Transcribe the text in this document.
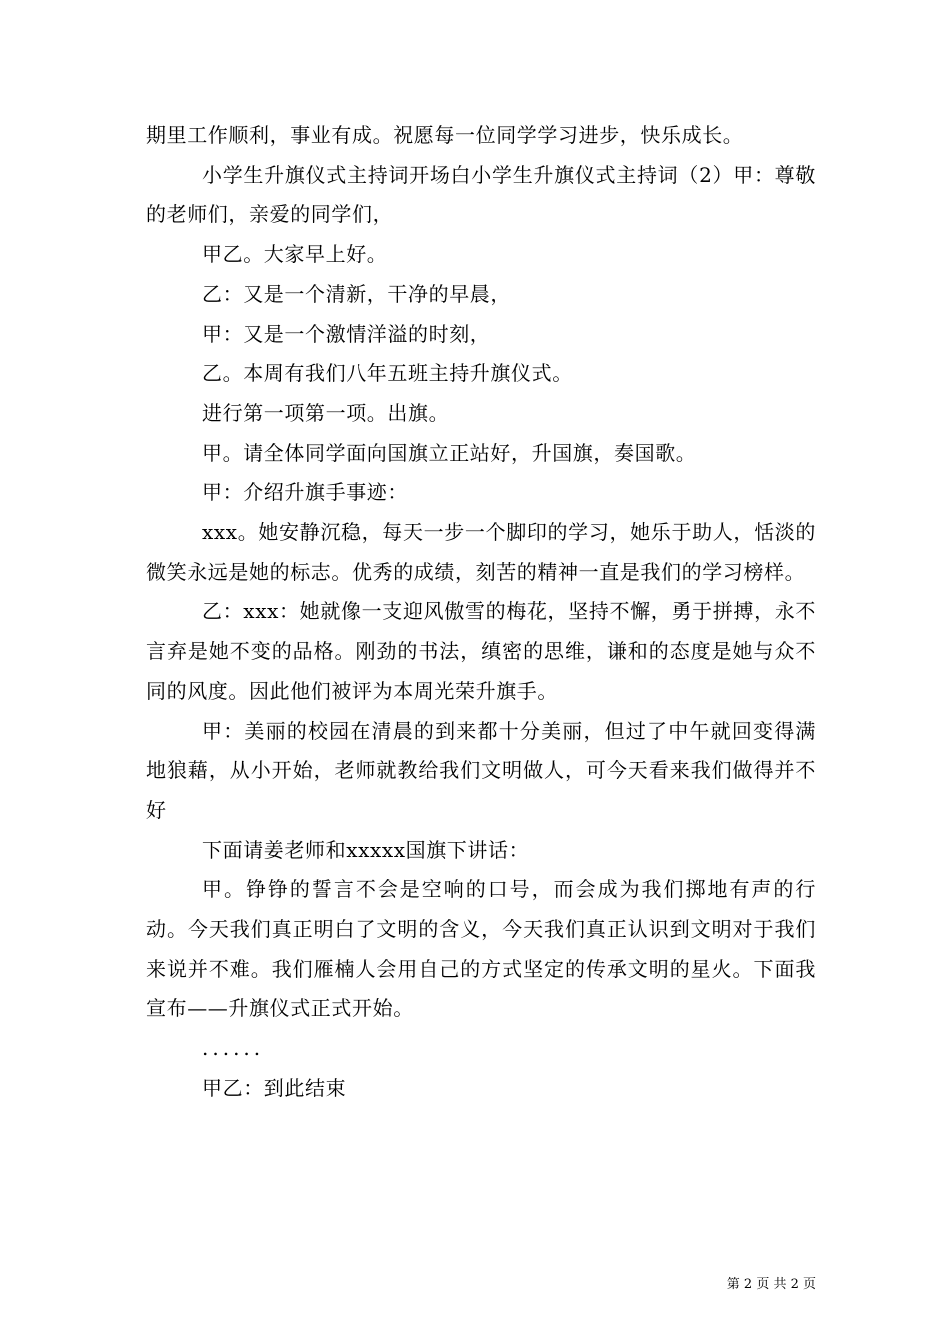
期里工作顺利，事业有成。祝愿每一位同学学习进步，快乐成长。

小学生升旗仪式主持词开场白小学生升旗仪式主持词（2）甲：尊敬的老师们，亲爱的同学们，

甲乙。大家早上好。

乙：又是一个清新，干净的早晨，

甲：又是一个激情洋溢的时刻，

乙。本周有我们八年五班主持升旗仪式。

进行第一项第一项。出旗。

甲。请全体同学面向国旗立正站好，升国旗，奏国歌。

甲：介绍升旗手事迹：

xxx。她安静沉稳，每天一步一个脚印的学习，她乐于助人，恬淡的微笑永远是她的标志。优秀的成绩，刻苦的精神一直是我们的学习榜样。

乙：xxx：她就像一支迎风傲雪的梅花，坚持不懈，勇于拼搏，永不言弃是她不变的品格。刚劲的书法，缜密的思维，谦和的态度是她与众不同的风度。因此他们被评为本周光荣升旗手。

甲：美丽的校园在清晨的到来都十分美丽，但过了中午就回变得满地狼藉，从小开始，老师就教给我们文明做人，可今天看来我们做得并不好

下面请姜老师和xxxxx国旗下讲话：

甲。铮铮的誓言不会是空响的口号，而会成为我们掷地有声的行动。今天我们真正明白了文明的含义，今天我们真正认识到文明对于我们来说并不难。我们雁楠人会用自己的方式坚定的传承文明的星火。下面我宣布——升旗仪式正式开始。

......

甲乙：到此结束

第 2 页 共 2 页
